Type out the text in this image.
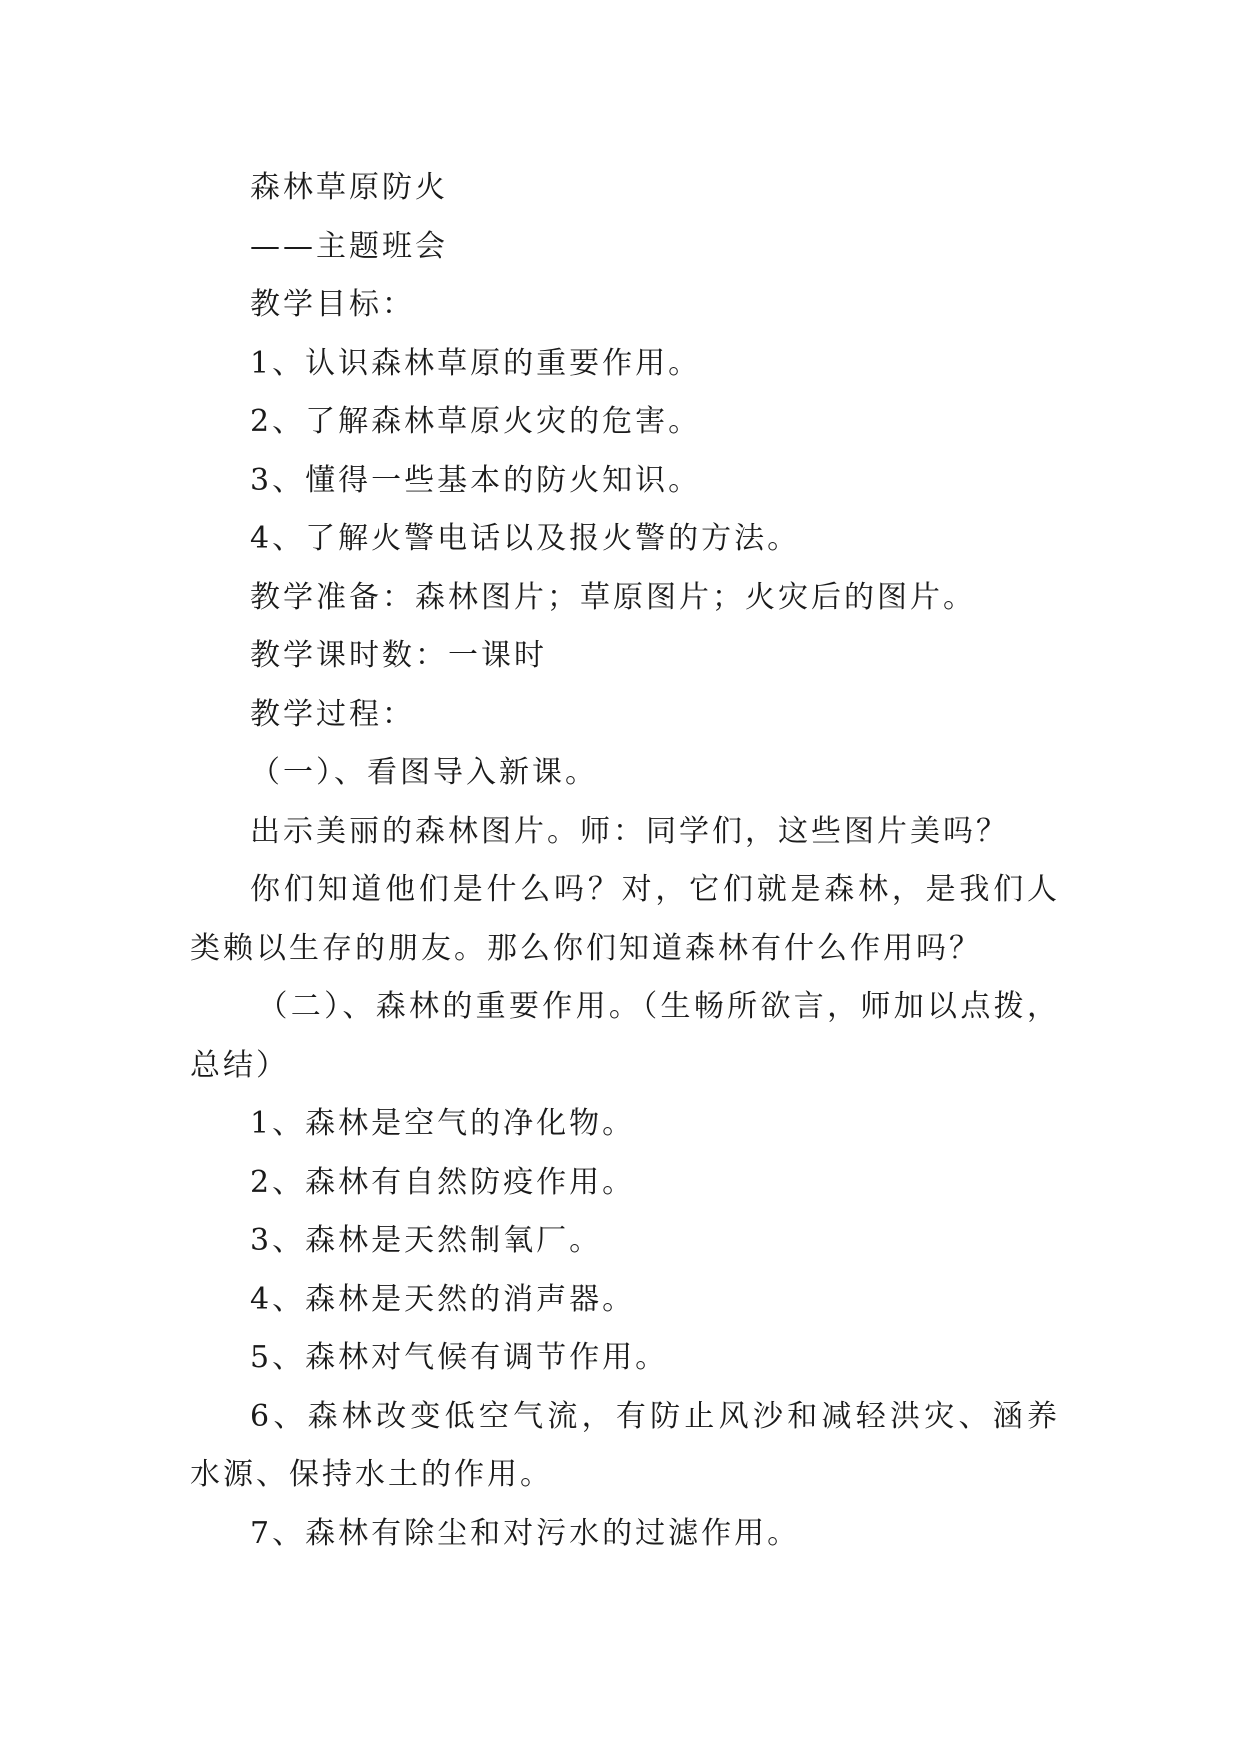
森林草原防火

——主题班会

教学目标：

1、认识森林草原的重要作用。

2、了解森林草原火灾的危害。

3、懂得一些基本的防火知识。

4、了解火警电话以及报火警的方法。

教学准备：森林图片；草原图片；火灾后的图片。

教学课时数：一课时

教学过程：

（一）、看图导入新课。

出示美丽的森林图片。师：同学们，这些图片美吗？

你们知道他们是什么吗？对，它们就是森林，是我们人类赖以生存的朋友。那么你们知道森林有什么作用吗？

（二）、森林的重要作用。（生畅所欲言，师加以点拨，总结）

1、森林是空气的净化物。

2、森林有自然防疫作用。

3、森林是天然制氧厂。

4、森林是天然的消声器。

5、森林对气候有调节作用。

6、森林改变低空气流，有防止风沙和减轻洪灾、涵养水源、保持水土的作用。

7、森林有除尘和对污水的过滤作用。
